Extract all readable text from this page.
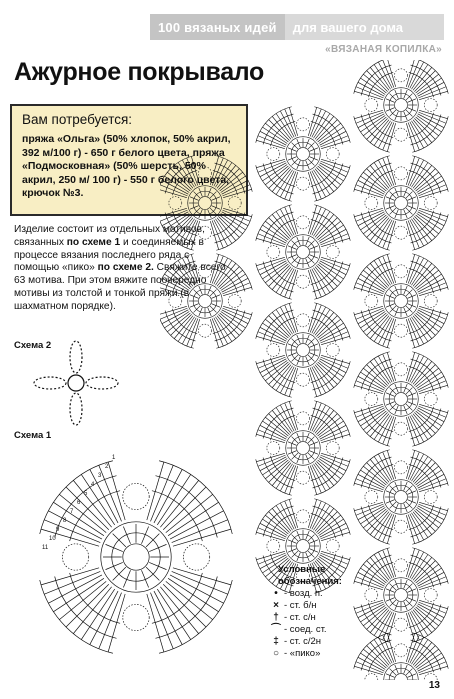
100 вязаных идей	для вашего дома
«ВЯЗАНАЯ КОПИЛКА»
Ажурное покрывало
Вам потребуется:
пряжа «Ольга» (50% хлопок, 50% акрил, 392 м/100 г) - 650 г белого цвета, пряжа «Подмосковная» (50% шерсть, 50% акрил, 250 м/ 100 г) - 550 г белого цвета, крючок №3.
Изделие состоит из отдельных мотивов, связанных по схеме 1 и соединяемых в процессе вязания последнего ряда с помощью «пико» по схеме 2. Свяжите всего 63 мотива. При этом вяжите поочередно мотивы из толстой и тонкой пряжи (в шахматном порядке).
Схема 2
Схема 1
1
2
3
4
5
6
7
8
9
10
11
Условные обозначения:
• - возд. п.
× - ст. б/н
† - ст. с/н
⌒ - соед. ст.
‡ - ст. с/2н
○ - «пико»
13
